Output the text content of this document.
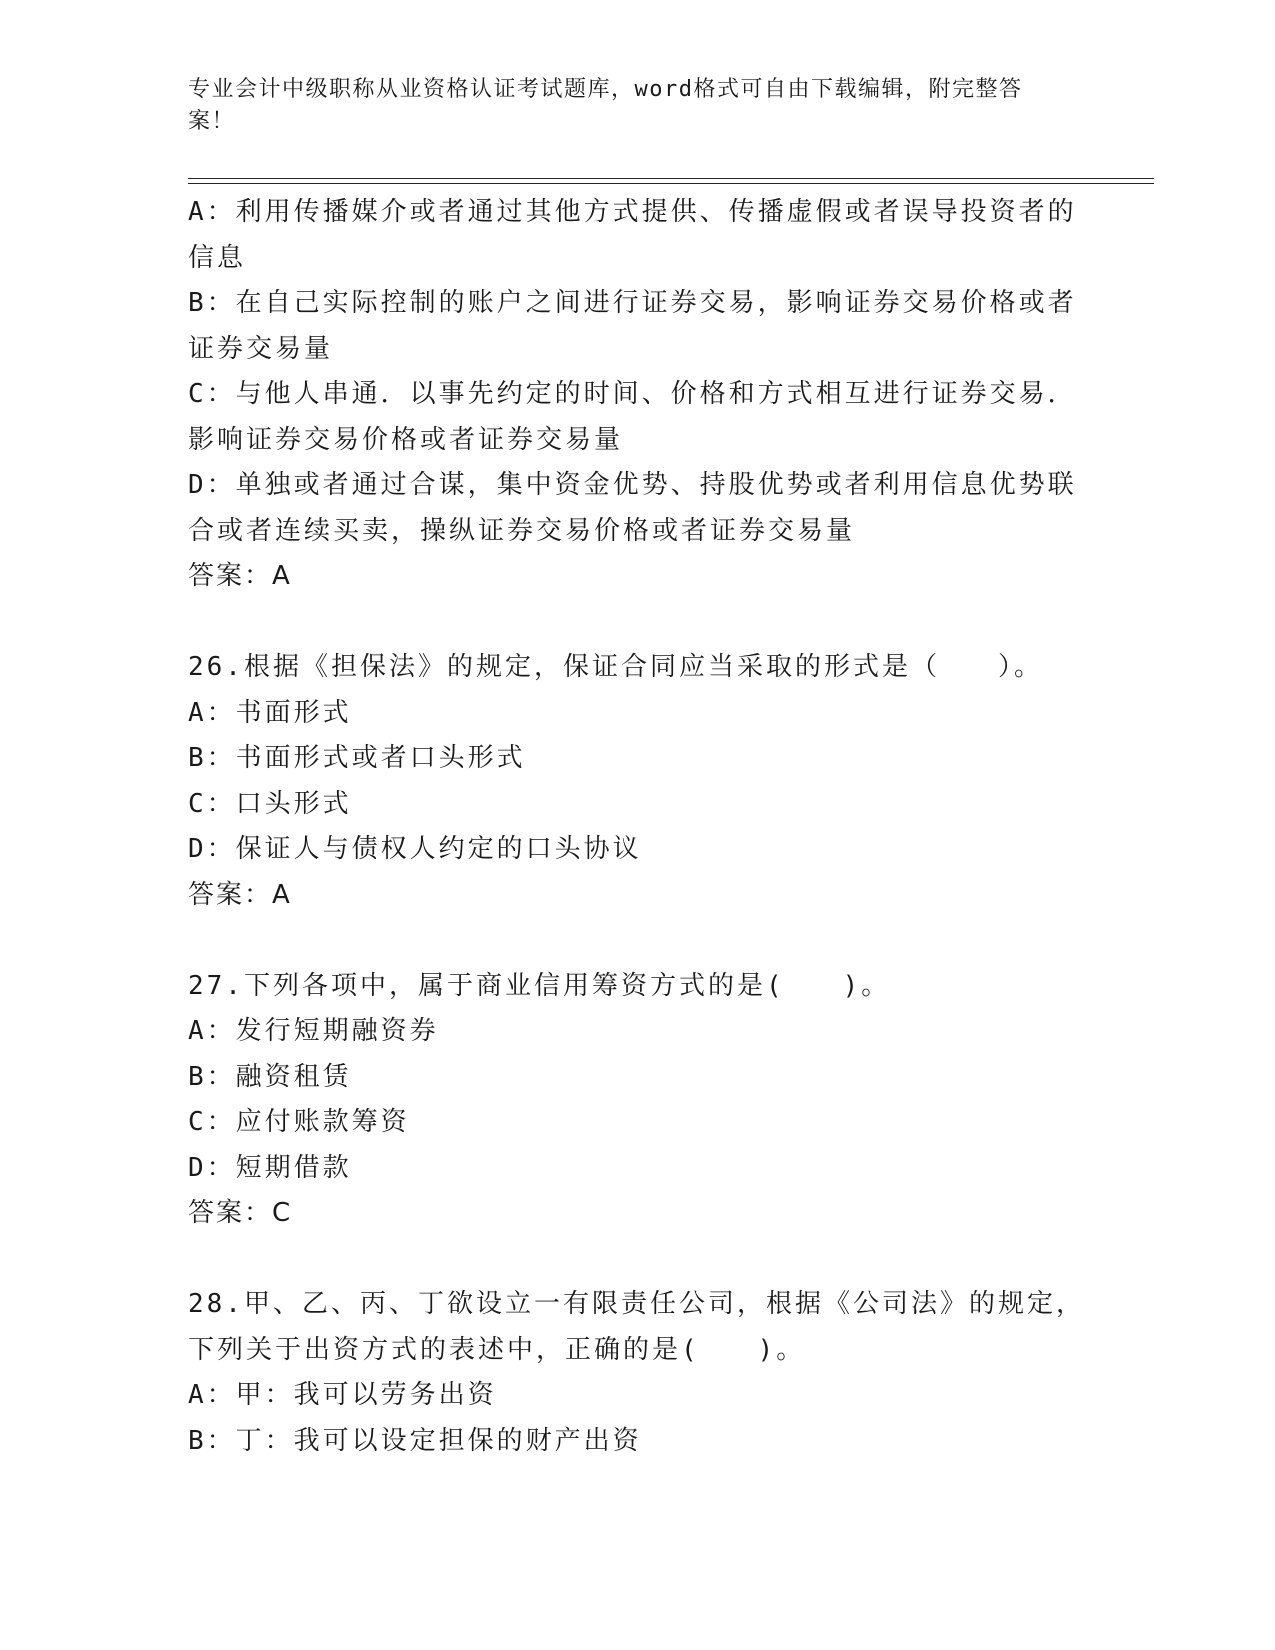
专业会计中级职称从业资格认证考试题库，word格式可自由下载编辑，附完整答案！
A：利用传播媒介或者通过其他方式提供、传播虚假或者误导投资者的
信息
B：在自己实际控制的账户之间进行证券交易，影响证券交易价格或者
证券交易量
C：与他人串通．以事先约定的时间、价格和方式相互进行证券交易．
影响证券交易价格或者证券交易量
D：单独或者通过合谋，集中资金优势、持股优势或者利用信息优势联
合或者连续买卖，操纵证券交易价格或者证券交易量
答案：A
26.根据《担保法》的规定，保证合同应当采取的形式是（　　）。
A：书面形式
B：书面形式或者口头形式
C：口头形式
D：保证人与债权人约定的口头协议
答案：A
27.下列各项中，属于商业信用筹资方式的是(　　)。
A：发行短期融资券
B：融资租赁
C：应付账款筹资
D：短期借款
答案：C
28.甲、乙、丙、丁欲设立一有限责任公司，根据《公司法》的规定，
下列关于出资方式的表述中，正确的是(　　)。
A：甲：我可以劳务出资
B：丁：我可以设定担保的财产出资
